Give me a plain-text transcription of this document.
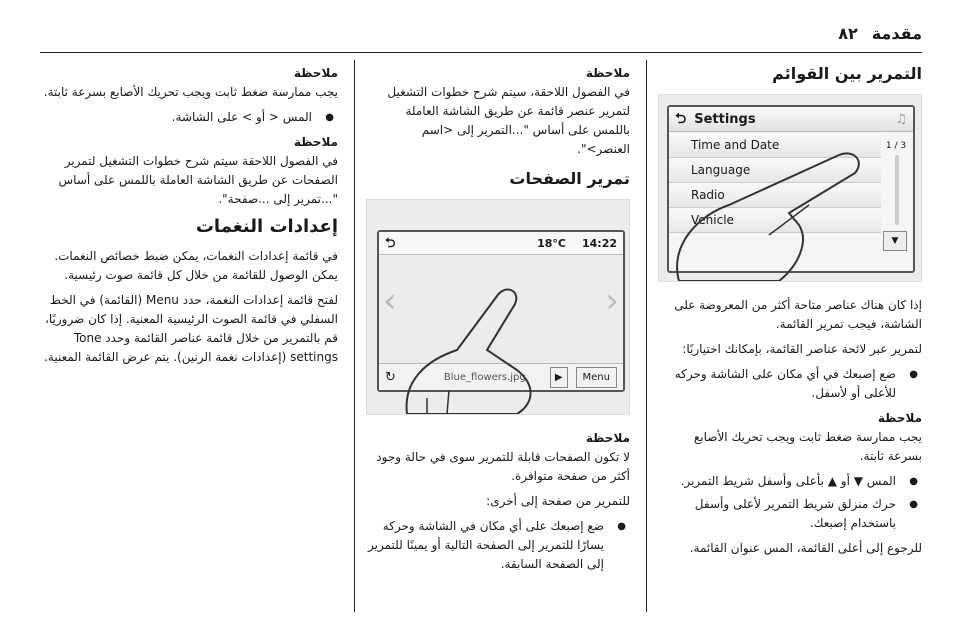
مقدمة
٨٢
التمرير بين القوائم
⮌ Settings	♫
Time and Date
Language
Radio
Vehicle
1 / 3
▼

إذا كان هناك عناصر متاحة أكثر من المعروضة على الشاشة، فيجب تمرير القائمة.

لتمرير عبر لائحة عناصر القائمة، بإمكانك اختياريًا:

● ضع إصبعك في أي مكان على الشاشة وحركه للأعلى أو لأسفل.
ملاحظة

يجب ممارسة ضغط ثابت ويجب تحريك الأصابع بسرعة ثابتة.

● المس ▼ أو ▲ بأعلى وأسفل شريط التمرير.
● حرك منزلق شريط التمرير لأعلى وأسفل باستخدام إصبعك.

للرجوع إلى أعلى القائمة، المس عنوان القائمة.

ملاحظة

في الفصول اللاحقة، سيتم شرح خطوات التشغيل لتمرير عنصر قائمة عن طريق الشاشة العاملة باللمس على أساس "...التمرير إلى <اسم العنصر>".

تمرير الصفحات
⮌	18°C 14:22
‹	›
↻	Blue_flowers.jpg	▶	Menu
ملاحظة

لا تكون الصفحات قابلة للتمرير سوى في حالة وجود أكثر من صفحة متوافرة.

للتمرير من صفحة إلى أخرى:

● ضع إصبعك على أي مكان في الشاشة وحركه يسارًا للتمرير إلى الصفحة التالية أو يمينًا للتمرير إلى الصفحة السابقة.
ملاحظة

يجب ممارسة ضغط ثابت ويجب تحريك الأصابع بسرعة ثابتة.

● المس < أو > على الشاشة.
ملاحظة

في الفصول اللاحقة سيتم شرح خطوات التشغيل لتمرير الصفحات عن طريق الشاشة العاملة باللمس على أساس "...تمرير إلى ...صفحة".

إعدادات النغمات

في قائمة إعدادات النغمات، يمكن ضبط خصائص النغمات. يمكن الوصول للقائمة من خلال كل قائمة صوت رئيسية.

لفتح قائمة إعدادات النغمة، حدد Menu (القائمة) في الخط السفلي في قائمة الصوت الرئيسية المعنية. إذا كان ضروريًا، قم بالتمرير من خلال قائمة عناصر القائمة وحدد Tone settings (إعدادات نغمة الرنين). يتم عرض القائمة المعنية.
